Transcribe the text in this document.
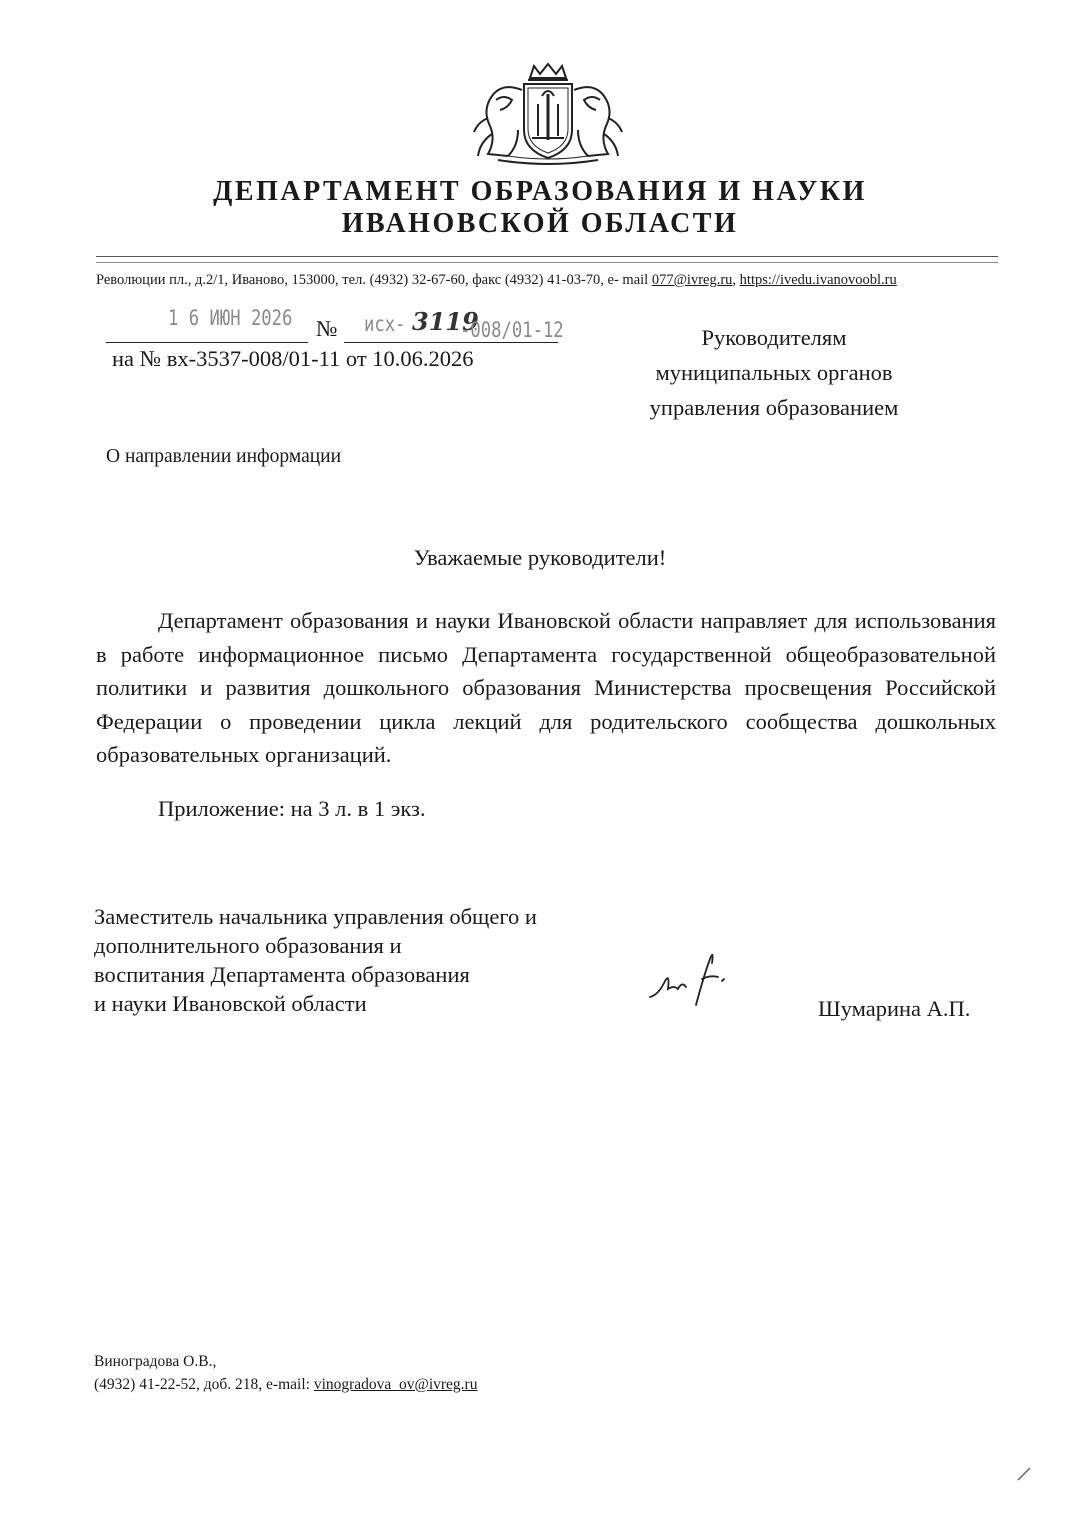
ДЕПАРТАМЕНТ ОБРАЗОВАНИЯ И НАУКИ
ИВАНОВСКОЙ ОБЛАСТИ
Революции пл., д.2/1, Иваново, 153000, тел. (4932) 32-67-60, факс (4932) 41-03-70, e- mail 077@ivreg.ru, https://ivedu.ivanovoobl.ru
1 6 ИЮН 2026 № исх- 3119
-008/01-12
на № вх-3537-008/01-11 от 10.06.2026
Руководителям
муниципальных органов
управления образованием
О направлении информации
Уважаемые руководители!

Департамент образования и науки Ивановской области направляет для использования в работе информационное письмо Департамента государственной общеобразовательной политики и развития дошкольного образования Министерства просвещения Российской Федерации о проведении цикла лекций для родительского сообщества дошкольных образовательных организаций.

Приложение: на 3 л. в 1 экз.
Заместитель начальника управления общего и
дополнительного образования и
воспитания Департамента образования
и науки Ивановской области	Шумарина А.П.
Виноградова О.В.,
(4932) 41-22-52, доб. 218, e-mail: vinogradova_ov@ivreg.ru
